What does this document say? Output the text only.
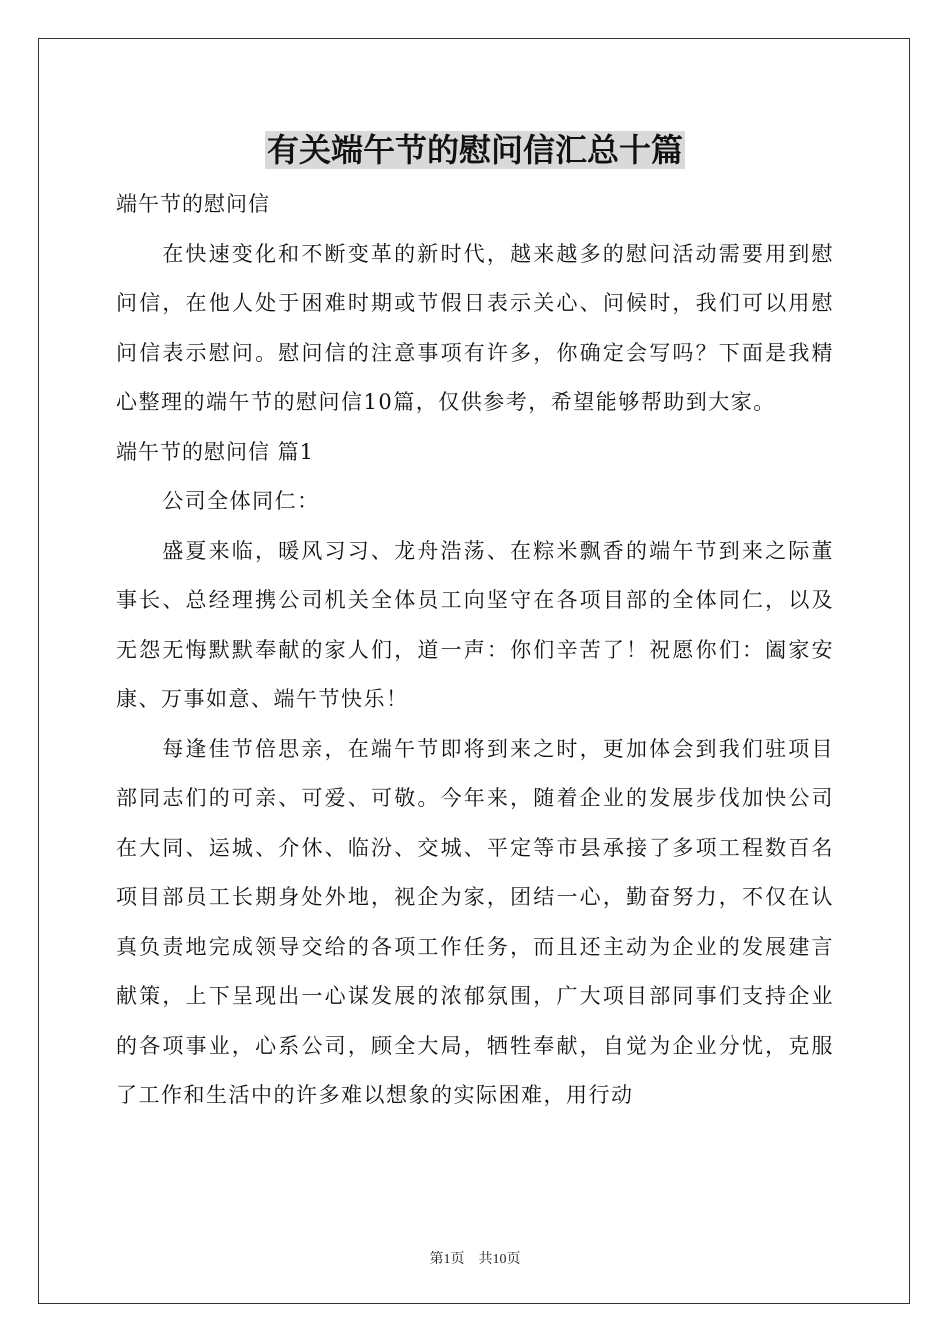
有关端午节的慰问信汇总十篇

端午节的慰问信

在快速变化和不断变革的新时代，越来越多的慰问活动需要用到慰问信，在他人处于困难时期或节假日表示关心、问候时，我们可以用慰问信表示慰问。慰问信的注意事项有许多，你确定会写吗？下面是我精心整理的端午节的慰问信10篇，仅供参考，希望能够帮助到大家。

端午节的慰问信 篇1

公司全体同仁：

盛夏来临，暖风习习、龙舟浩荡、在粽米飘香的端午节到来之际董事长、总经理携公司机关全体员工向坚守在各项目部的全体同仁，以及无怨无悔默默奉献的家人们，道一声：你们辛苦了！祝愿你们：阖家安康、万事如意、端午节快乐！

每逢佳节倍思亲，在端午节即将到来之时，更加体会到我们驻项目部同志们的可亲、可爱、可敬。今年来，随着企业的发展步伐加快公司在大同、运城、介休、临汾、交城、平定等市县承接了多项工程数百名项目部员工长期身处外地，视企为家，团结一心，勤奋努力，不仅在认真负责地完成领导交给的各项工作任务，而且还主动为企业的发展建言献策，上下呈现出一心谋发展的浓郁氛围，广大项目部同事们支持企业的各项事业，心系公司，顾全大局，牺牲奉献，自觉为企业分忧，克服了工作和生活中的许多难以想象的实际困难，用行动

第1页 共10页
